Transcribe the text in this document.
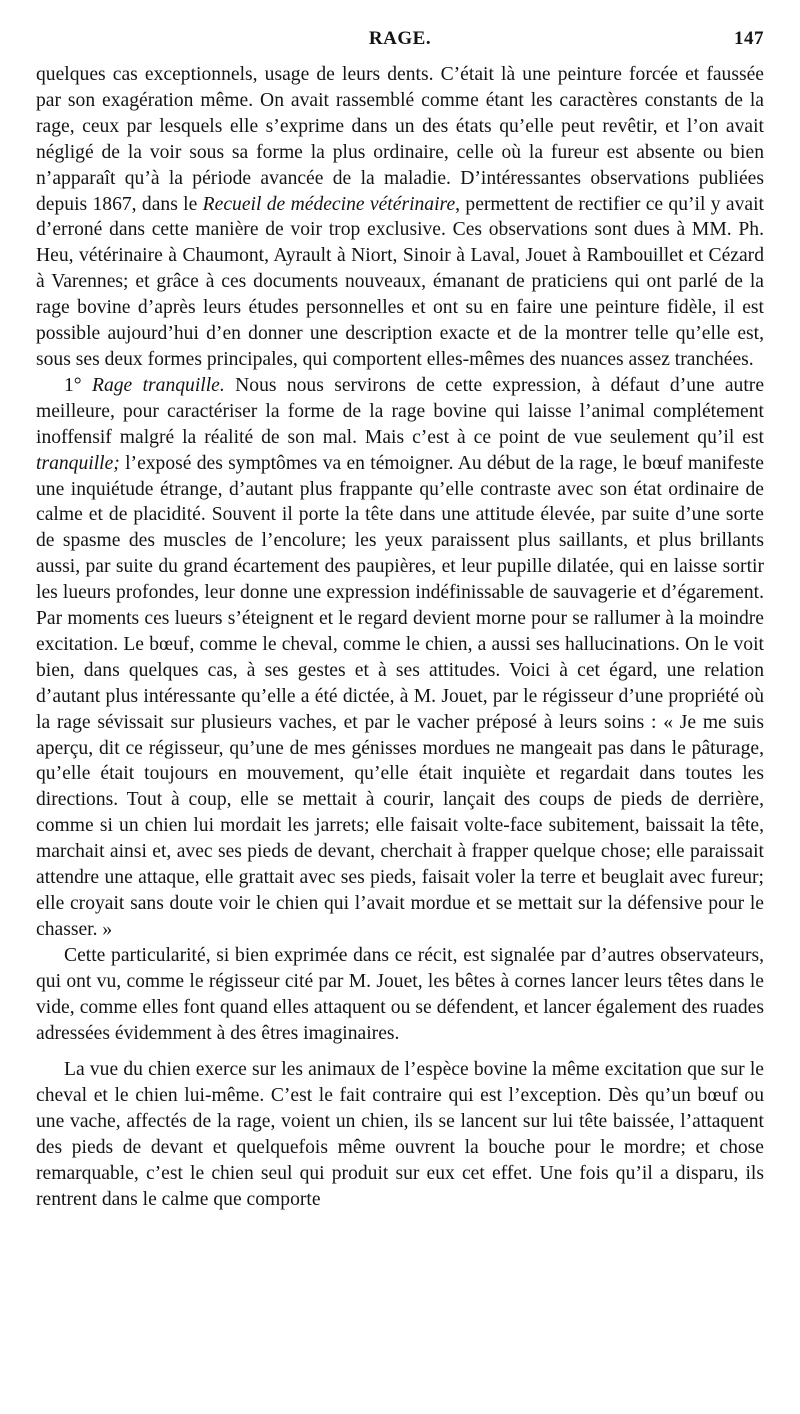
RAGE.	147

quelques cas exceptionnels, usage de leurs dents. C’était là une peinture forcée et faussée par son exagération même. On avait rassemblé comme étant les caractères constants de la rage, ceux par lesquels elle s’exprime dans un des états qu’elle peut revêtir, et l’on avait négligé de la voir sous sa forme la plus ordinaire, celle où la fureur est absente ou bien n’apparaît qu’à la période avancée de la maladie. D’intéressantes observations publiées depuis 1867, dans le Recueil de médecine vétérinaire, permettent de rectifier ce qu’il y avait d’erroné dans cette manière de voir trop exclusive. Ces observations sont dues à MM. Ph. Heu, vétérinaire à Chaumont, Ayrault à Niort, Sinoir à Laval, Jouet à Rambouillet et Cézard à Varennes; et grâce à ces documents nouveaux, émanant de praticiens qui ont parlé de la rage bovine d’après leurs études personnelles et ont su en faire une peinture fidèle, il est possible aujourd’hui d’en donner une description exacte et de la montrer telle qu’elle est, sous ses deux formes principales, qui comportent elles-mêmes des nuances assez tranchées.

1° Rage tranquille. Nous nous servirons de cette expression, à défaut d’une autre meilleure, pour caractériser la forme de la rage bovine qui laisse l’animal complétement inoffensif malgré la réalité de son mal. Mais c’est à ce point de vue seulement qu’il est tranquille; l’exposé des symptômes va en témoigner. Au début de la rage, le bœuf manifeste une inquiétude étrange, d’autant plus frappante qu’elle contraste avec son état ordinaire de calme et de placidité. Souvent il porte la tête dans une attitude élevée, par suite d’une sorte de spasme des muscles de l’encolure; les yeux paraissent plus saillants, et plus brillants aussi, par suite du grand écartement des paupières, et leur pupille dilatée, qui en laisse sortir les lueurs profondes, leur donne une expression indéfinissable de sauvagerie et d’égarement. Par moments ces lueurs s’éteignent et le regard devient morne pour se rallumer à la moindre excitation. Le bœuf, comme le cheval, comme le chien, a aussi ses hallucinations. On le voit bien, dans quelques cas, à ses gestes et à ses attitudes. Voici à cet égard, une relation d’autant plus intéressante qu’elle a été dictée, à M. Jouet, par le régisseur d’une propriété où la rage sévissait sur plusieurs vaches, et par le vacher préposé à leurs soins : « Je me suis aperçu, dit ce régisseur, qu’une de mes génisses mordues ne mangeait pas dans le pâturage, qu’elle était toujours en mouvement, qu’elle était inquiète et regardait dans toutes les directions. Tout à coup, elle se mettait à courir, lançait des coups de pieds de derrière, comme si un chien lui mordait les jarrets; elle faisait volte-face subitement, baissait la tête, marchait ainsi et, avec ses pieds de devant, cherchait à frapper quelque chose; elle paraissait attendre une attaque, elle grattait avec ses pieds, faisait voler la terre et beuglait avec fureur; elle croyait sans doute voir le chien qui l’avait mordue et se mettait sur la défensive pour le chasser. »

Cette particularité, si bien exprimée dans ce récit, est signalée par d’autres observateurs, qui ont vu, comme le régisseur cité par M. Jouet, les bêtes à cornes lancer leurs têtes dans le vide, comme elles font quand elles attaquent ou se défendent, et lancer également des ruades adressées évidemment à des êtres imaginaires.

La vue du chien exerce sur les animaux de l’espèce bovine la même excitation que sur le cheval et le chien lui-même. C’est le fait contraire qui est l’exception. Dès qu’un bœuf ou une vache, affectés de la rage, voient un chien, ils se lancent sur lui tête baissée, l’attaquent des pieds de devant et quelquefois même ouvrent la bouche pour le mordre; et chose remarquable, c’est le chien seul qui produit sur eux cet effet. Une fois qu’il a disparu, ils rentrent dans le calme que comporte
